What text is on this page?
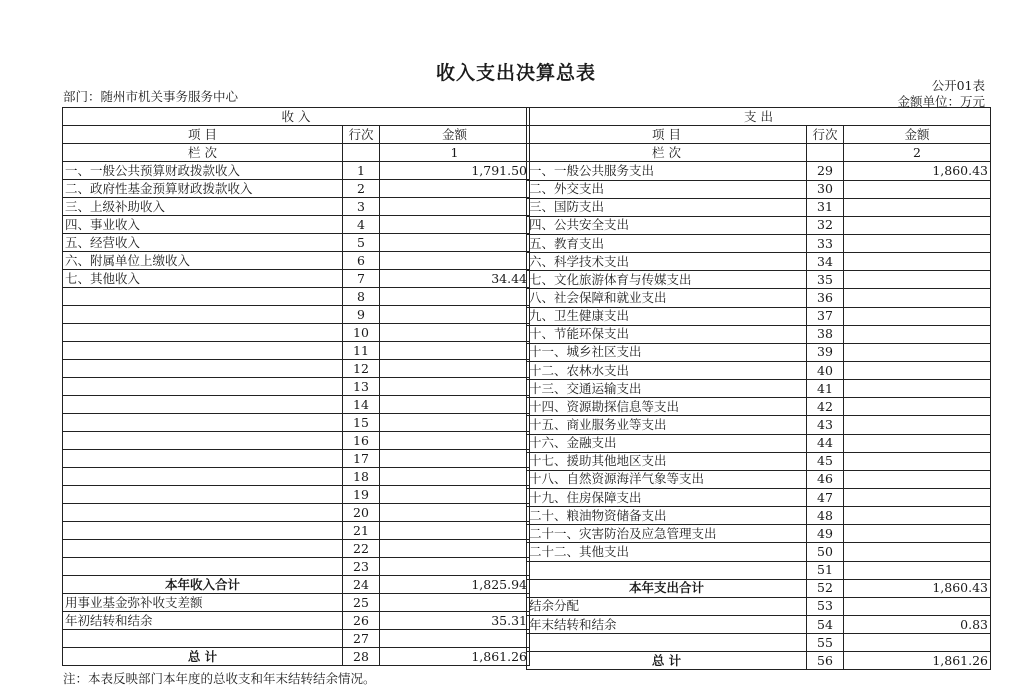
收入支出决算总表
部门：随州市机关事务服务中心
公开01表
金额单位：万元
收 入		
项 目	行次	金额
栏 次		1
一、一般公共预算财政拨款收入	1	1,791.50
二、政府性基金预算财政拨款收入	2	
三、上级补助收入	3	
四、事业收入	4	
五、经营收入	5	
六、附属单位上缴收入	6	
七、其他收入	7	34.44
	8	
	9	
	10	
	11	
	12	
	13	
	14	
	15	
	16	
	17	
	18	
	19	
	20	
	21	
	22	
	23	
本年收入合计	24	1,825.94
用事业基金弥补收支差额	25	
年初结转和结余	26	35.31
	27	
总 计	28	1,861.26
支 出		
项 目	行次	金额
栏 次		2
一、一般公共服务支出	29	1,860.43
二、外交支出	30	
三、国防支出	31	
四、公共安全支出	32	
五、教育支出	33	
六、科学技术支出	34	
七、文化旅游体育与传媒支出	35	
八、社会保障和就业支出	36	
九、卫生健康支出	37	
十、节能环保支出	38	
十一、城乡社区支出	39	
十二、农林水支出	40	
十三、交通运输支出	41	
十四、资源勘探信息等支出	42	
十五、商业服务业等支出	43	
十六、金融支出	44	
十七、援助其他地区支出	45	
十八、自然资源海洋气象等支出	46	
十九、住房保障支出	47	
二十、粮油物资储备支出	48	
二十一、灾害防治及应急管理支出	49	
二十二、其他支出	50	
	51	
本年支出合计	52	1,860.43
结余分配	53	
年末结转和结余	54	0.83
	55	
总 计	56	1,861.26
注：本表反映部门本年度的总收支和年末结转结余情况。
